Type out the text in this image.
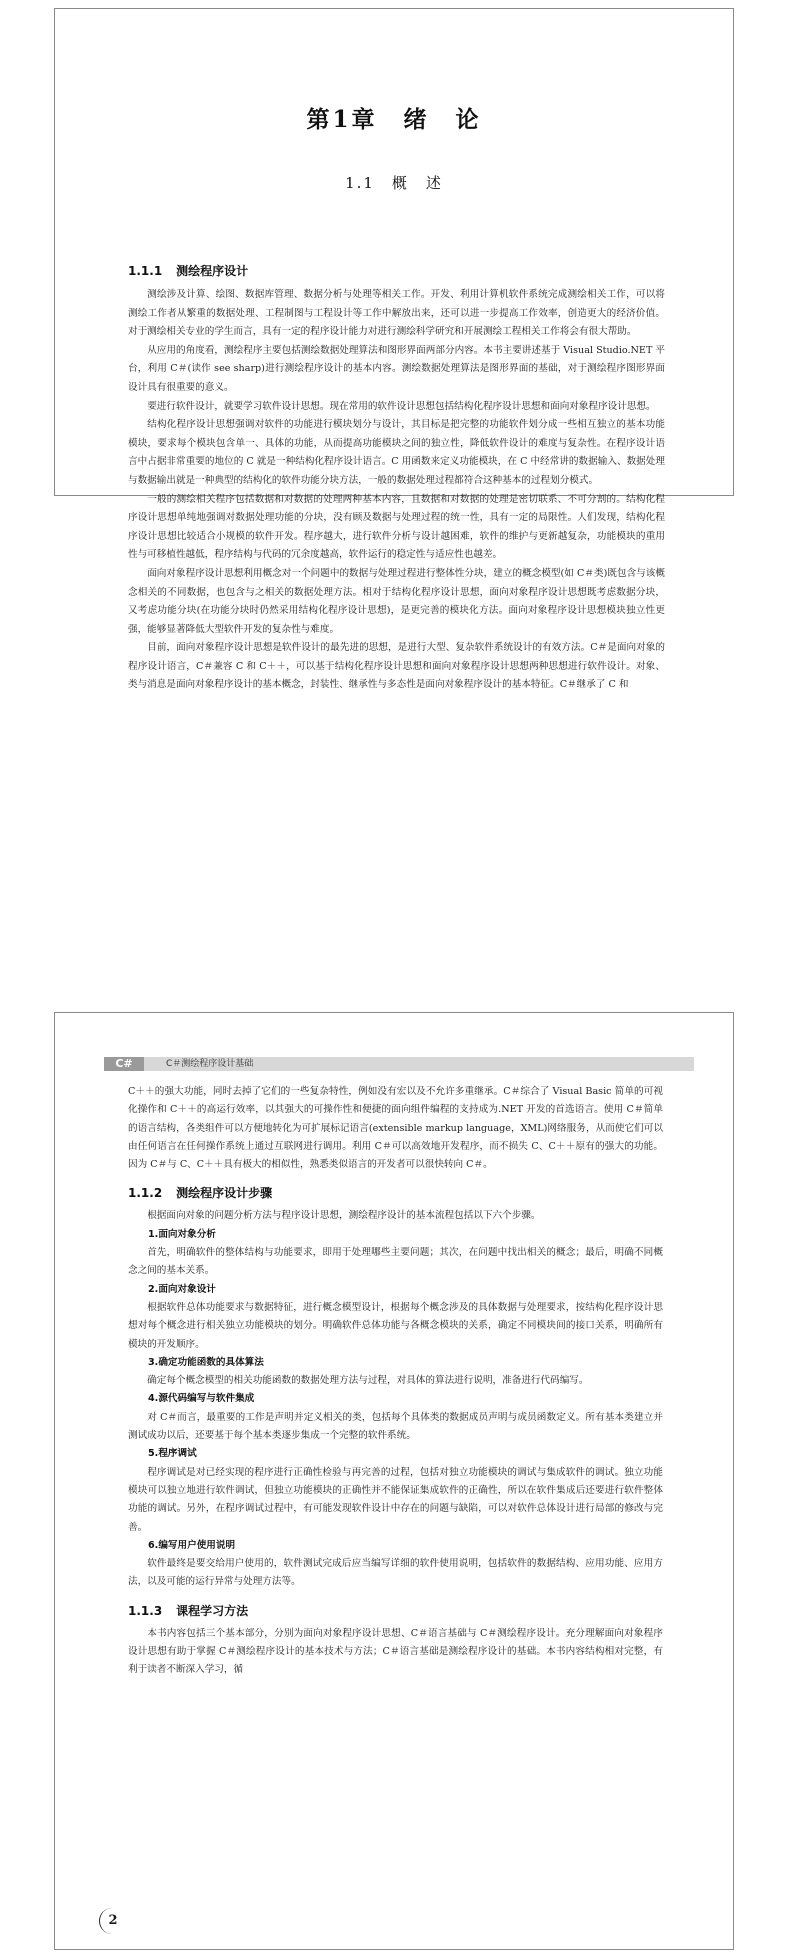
第1章　绪　论
1.1　概　述
1.1.1 测绘程序设计

测绘涉及计算、绘图、数据库管理、数据分析与处理等相关工作。开发、利用计算机软件系统完成测绘相关工作，可以将测绘工作者从繁重的数据处理、工程制图与工程设计等工作中解放出来，还可以进一步提高工作效率，创造更大的经济价值。对于测绘相关专业的学生而言，具有一定的程序设计能力对进行测绘科学研究和开展测绘工程相关工作将会有很大帮助。

从应用的角度看，测绘程序主要包括测绘数据处理算法和图形界面两部分内容。本书主要讲述基于 Visual Studio.NET 平台，利用 C＃(读作 see sharp)进行测绘程序设计的基本内容。测绘数据处理算法是图形界面的基础，对于测绘程序图形界面设计具有很重要的意义。

要进行软件设计，就要学习软件设计思想。现在常用的软件设计思想包括结构化程序设计思想和面向对象程序设计思想。

结构化程序设计思想强调对软件的功能进行模块划分与设计，其目标是把完整的功能软件划分成一些相互独立的基本功能模块，要求每个模块包含单一、具体的功能，从而提高功能模块之间的独立性，降低软件设计的难度与复杂性。在程序设计语言中占据非常重要的地位的 C 就是一种结构化程序设计语言。C 用函数来定义功能模块，在 C 中经常讲的数据输入、数据处理与数据输出就是一种典型的结构化的软件功能分块方法，一般的数据处理过程都符合这种基本的过程划分模式。

一般的测绘相关程序包括数据和对数据的处理两种基本内容，且数据和对数据的处理是密切联系、不可分割的。结构化程序设计思想单纯地强调对数据处理功能的分块，没有顾及数据与处理过程的统一性，具有一定的局限性。人们发现，结构化程序设计思想比较适合小规模的软件开发。程序越大，进行软件分析与设计越困难，软件的维护与更新越复杂，功能模块的重用性与可移植性越低，程序结构与代码的冗余度越高，软件运行的稳定性与适应性也越差。

面向对象程序设计思想利用概念对一个问题中的数据与处理过程进行整体性分块，建立的概念模型(如 C＃类)既包含与该概念相关的不同数据，也包含与之相关的数据处理方法。相对于结构化程序设计思想，面向对象程序设计思想既考虑数据分块，又考虑功能分块(在功能分块时仍然采用结构化程序设计思想)，是更完善的模块化方法。面向对象程序设计思想模块独立性更强，能够显著降低大型软件开发的复杂性与难度。

目前，面向对象程序设计思想是软件设计的最先进的思想，是进行大型、复杂软件系统设计的有效方法。C＃是面向对象的程序设计语言，C＃兼容 C 和 C＋＋，可以基于结构化程序设计思想和面向对象程序设计思想两种思想进行软件设计。对象、类与消息是面向对象程序设计的基本概念，封装性、继承性与多态性是面向对象程序设计的基本特征。C＃继承了 C 和

C#	C＃测绘程序设计基础

C＋＋的强大功能，同时去掉了它们的一些复杂特性，例如没有宏以及不允许多重继承。C＃综合了 Visual Basic 简单的可视化操作和 C＋＋的高运行效率，以其强大的可操作性和便捷的面向组件编程的支持成为.NET 开发的首选语言。使用 C＃简单的语言结构，各类组件可以方便地转化为可扩展标记语言(extensible markup language，XML)网络服务，从而使它们可以由任何语言在任何操作系统上通过互联网进行调用。利用 C＃可以高效地开发程序，而不损失 C、C＋＋原有的强大的功能。因为 C＃与 C、C＋＋具有极大的相似性，熟悉类似语言的开发者可以很快转向 C＃。

1.1.2 测绘程序设计步骤

根据面向对象的问题分析方法与程序设计思想，测绘程序设计的基本流程包括以下六个步骤。

1.面向对象分析

首先，明确软件的整体结构与功能要求，即用于处理哪些主要问题；其次，在问题中找出相关的概念；最后，明确不同概念之间的基本关系。

2.面向对象设计

根据软件总体功能要求与数据特征，进行概念模型设计，根据每个概念涉及的具体数据与处理要求，按结构化程序设计思想对每个概念进行相关独立功能模块的划分。明确软件总体功能与各概念模块的关系，确定不同模块间的接口关系，明确所有模块的开发顺序。

3.确定功能函数的具体算法

确定每个概念模型的相关功能函数的数据处理方法与过程，对具体的算法进行说明，准备进行代码编写。

4.源代码编写与软件集成

对 C＃而言，最重要的工作是声明并定义相关的类，包括每个具体类的数据成员声明与成员函数定义。所有基本类建立并测试成功以后，还要基于每个基本类逐步集成一个完整的软件系统。

5.程序调试

程序调试是对已经实现的程序进行正确性检验与再完善的过程，包括对独立功能模块的调试与集成软件的调试。独立功能模块可以独立地进行软件调试，但独立功能模块的正确性并不能保证集成软件的正确性，所以在软件集成后还要进行软件整体功能的调试。另外，在程序调试过程中，有可能发现软件设计中存在的问题与缺陷，可以对软件总体设计进行局部的修改与完善。

6.编写用户使用说明

软件最终是要交给用户使用的，软件测试完成后应当编写详细的软件使用说明，包括软件的数据结构、应用功能、应用方法，以及可能的运行异常与处理方法等。

1.1.3 课程学习方法

本书内容包括三个基本部分，分别为面向对象程序设计思想、C＃语言基础与 C＃测绘程序设计。充分理解面向对象程序设计思想有助于掌握 C＃测绘程序设计的基本技术与方法；C＃语言基础是测绘程序设计的基础。本书内容结构相对完整，有利于读者不断深入学习，循

2
